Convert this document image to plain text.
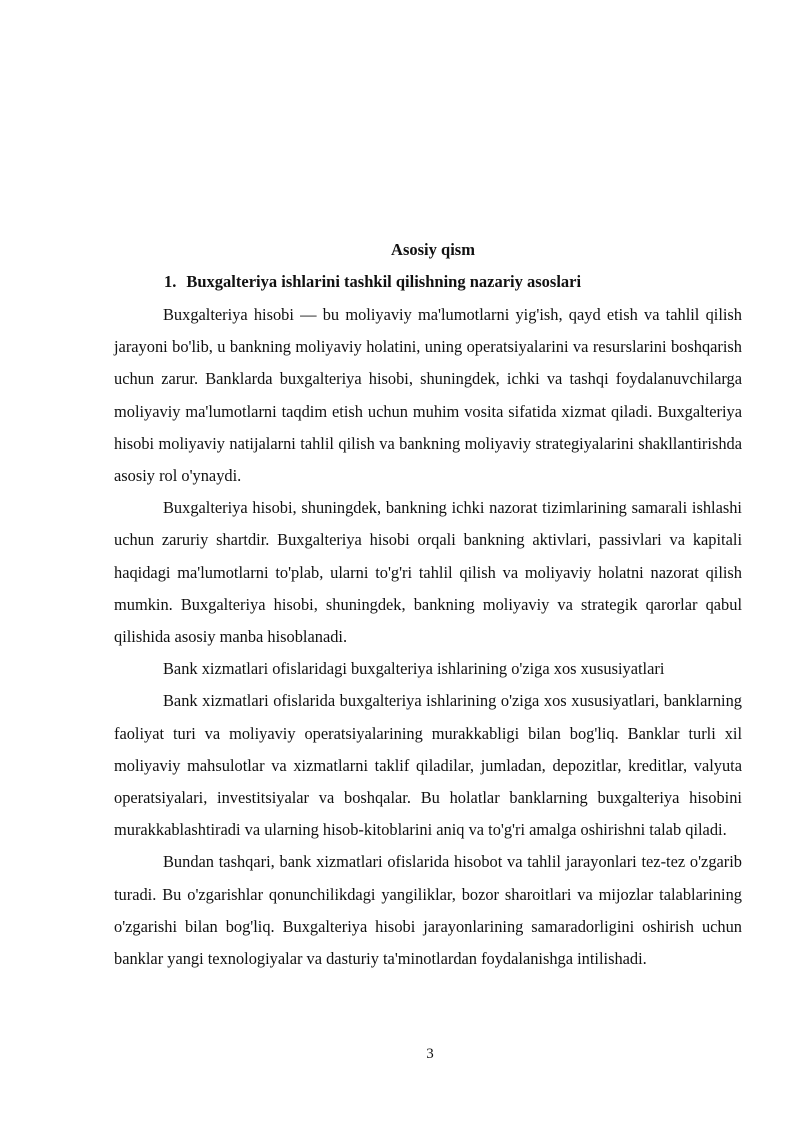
Asosiy qism
1. Buxgalteriya ishlarini tashkil qilishning nazariy asoslari

Buxgalteriya hisobi — bu moliyaviy ma'lumotlarni yig'ish, qayd etish va tahlil qilish jarayoni bo'lib, u bankning moliyaviy holatini, uning operatsiyalarini va resurslarini boshqarish uchun zarur. Banklarda buxgalteriya hisobi, shuningdek, ichki va tashqi foydalanuvchilarga moliyaviy ma'lumotlarni taqdim etish uchun muhim vosita sifatida xizmat qiladi. Buxgalteriya hisobi moliyaviy natijalarni tahlil qilish va bankning moliyaviy strategiyalarini shakllantirishda asosiy rol o'ynaydi.

Buxgalteriya hisobi, shuningdek, bankning ichki nazorat tizimlarining samarali ishlashi uchun zaruriy shartdir. Buxgalteriya hisobi orqali bankning aktivlari, passivlari va kapitali haqidagi ma'lumotlarni to'plab, ularni to'g'ri tahlil qilish va moliyaviy holatni nazorat qilish mumkin. Buxgalteriya hisobi, shuningdek, bankning moliyaviy va strategik qarorlar qabul qilishida asosiy manba hisoblanadi.

Bank xizmatlari ofislaridagi buxgalteriya ishlarining o'ziga xos xususiyatlari

Bank xizmatlari ofislarida buxgalteriya ishlarining o'ziga xos xususiyatlari, banklarning faoliyat turi va moliyaviy operatsiyalarining murakkabligi bilan bog'liq. Banklar turli xil moliyaviy mahsulotlar va xizmatlarni taklif qiladilar, jumladan, depozitlar, kreditlar, valyuta operatsiyalari, investitsiyalar va boshqalar. Bu holatlar banklarning buxgalteriya hisobini murakkablashtiradi va ularning hisob-kitoblarini aniq va to'g'ri amalga oshirishni talab qiladi.

Bundan tashqari, bank xizmatlari ofislarida hisobot va tahlil jarayonlari tez-tez o'zgarib turadi. Bu o'zgarishlar qonunchilikdagi yangiliklar, bozor sharoitlari va mijozlar talablarining o'zgarishi bilan bog'liq. Buxgalteriya hisobi jarayonlarining samaradorligini oshirish uchun banklar yangi texnologiyalar va dasturiy ta'minotlardan foydalanishga intilishadi.

3
